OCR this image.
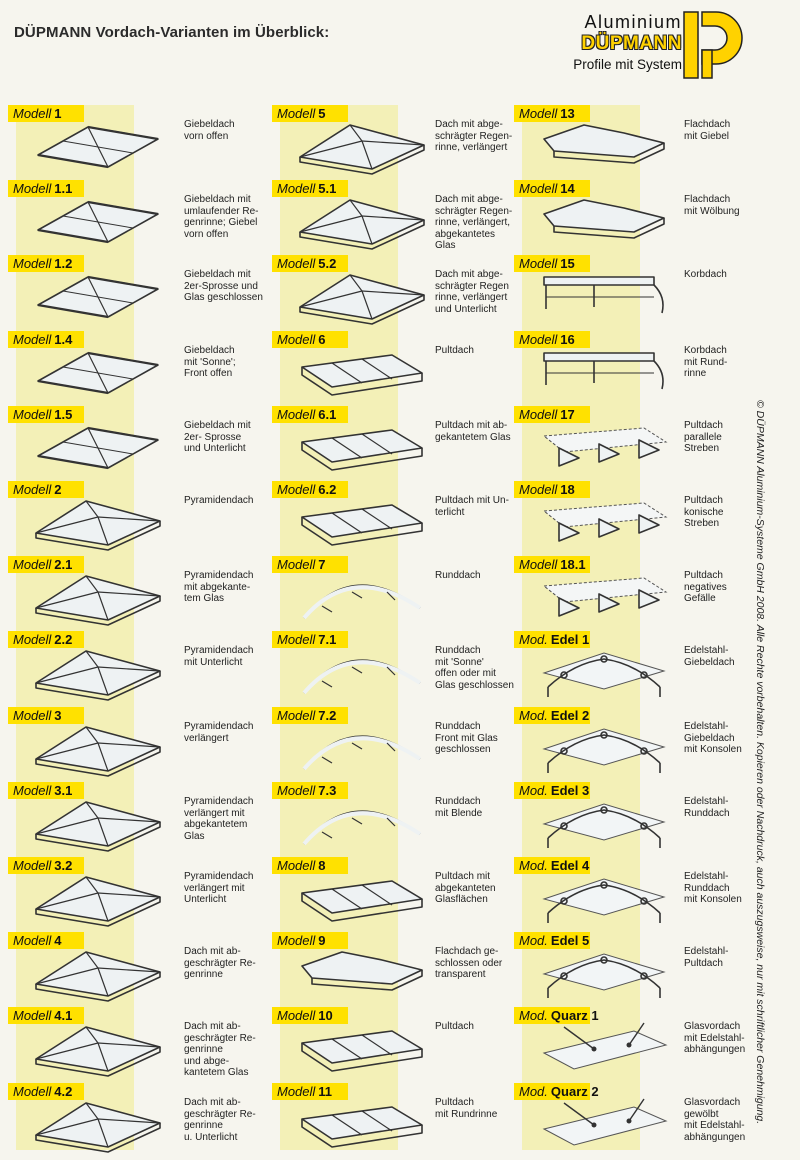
DÜPMANN Vordach-Varianten im Überblick:
Aluminium
DÜPMANN
Profile mit System
Modell 1
Giebeldach
vorn offen
Modell 1.1
Giebeldach mit
umlaufender Re-
genrinne; Giebel
vorn offen
Modell 1.2
Giebeldach mit
2er-Sprosse und
Glas geschlossen
Modell 1.4
Giebeldach
mit 'Sonne';
Front offen
Modell 1.5
Giebeldach mit
2er- Sprosse
und Unterlicht
Modell 2
Pyramidendach
Modell 2.1
Pyramidendach
mit abgekante-
tem Glas
Modell 2.2
Pyramidendach
mit Unterlicht
Modell 3
Pyramidendach
verlängert
Modell 3.1
Pyramidendach
verlängert mit
abgekantetem
Glas
Modell 3.2
Pyramidendach
verlängert mit
Unterlicht
Modell 4
Dach mit ab-
geschrägter Re-
genrinne
Modell 4.1
Dach mit ab-
geschrägter Re-
genrinne
und abge-
kantetem Glas
Modell 4.2
Dach mit ab-
geschrägter Re-
genrinne
u. Unterlicht
Modell 5
Dach mit abge-
schrägter Regen-
rinne, verlängert
Modell 5.1
Dach mit abge-
schrägter Regen-
rinne, verlängert,
abgekantetes
Glas
Modell 5.2
Dach mit abge-
schrägter Regen
rinne, verlängert
und Unterlicht
Modell 6
Pultdach
Modell 6.1
Pultdach mit ab-
gekantetem Glas
Modell 6.2
Pultdach mit Un-
terlicht
Modell 7
Runddach
Modell 7.1
Runddach
mit 'Sonne'
offen oder mit
Glas geschlossen
Modell 7.2
Runddach
Front mit Glas
geschlossen
Modell 7.3
Runddach
mit Blende
Modell 8
Pultdach mit
abgekanteten
Glasflächen
Modell 9
Flachdach ge-
schlossen oder
transparent
Modell 10
Pultdach
Modell 11
Pultdach
mit Rundrinne
Modell 13
Flachdach
mit Giebel
Modell 14
Flachdach
mit Wölbung
Modell 15
Korbdach
Modell 16
Korbdach
mit Rund-
rinne
Modell 17
Pultdach
parallele
Streben
Modell 18
Pultdach
konische
Streben
Modell 18.1
Pultdach
negatives
Gefälle
Mod. Edel 1
Edelstahl-
Giebeldach
Mod. Edel 2
Edelstahl-
Giebeldach
mit Konsolen
Mod. Edel 3
Edelstahl-
Runddach
Mod. Edel 4
Edelstahl-
Runddach
mit Konsolen
Mod. Edel 5
Edelstahl-
Pultdach
Mod. Quarz 1
Glasvordach
mit Edelstahl-
abhängungen
Mod. Quarz 2
Glasvordach
gewölbt
mit Edelstahl-
abhängungen
© DÜPMANN Aluminium-Systeme GmbH 2008. Alle Rechte vorbehalten. Kopieren oder Nachdruck, auch auszugsweise, nur mit schriftlicher Genehmigung.
